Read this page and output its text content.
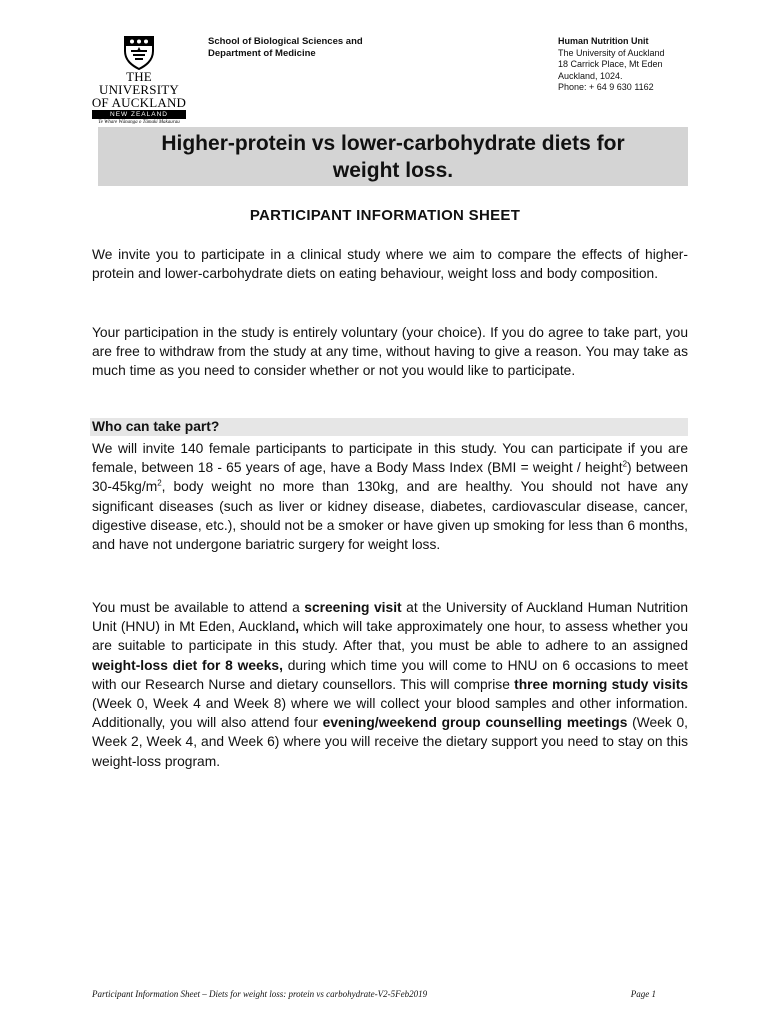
THE UNIVERSITY
OF AUCKLAND
NEW ZEALAND
Te Whare Wānanga o Tāmaki Makaurau
School of Biological Sciences and
Department of Medicine
Human Nutrition Unit
The University of Auckland
18 Carrick Place, Mt Eden
Auckland, 1024.
Phone: + 64 9 630 1162
Higher-protein vs lower-carbohydrate diets for
weight loss.
PARTICIPANT INFORMATION SHEET

We invite you to participate in a clinical study where we aim to compare the effects of higher-protein and lower-carbohydrate diets on eating behaviour, weight loss and body composition.

Your participation in the study is entirely voluntary (your choice). If you do agree to take part, you are free to withdraw from the study at any time, without having to give a reason. You may take as much time as you need to consider whether or not you would like to participate.

Who can take part?

We will invite 140 female participants to participate in this study. You can participate if you are female, between 18 - 65 years of age, have a Body Mass Index (BMI = weight / height$^2$) between $30-45kg/m^2$, body weight no more than 130kg, and are healthy. You should not have any significant diseases (such as liver or kidney disease, diabetes, cardiovascular disease, cancer, digestive disease, etc.), should not be a smoker or have given up smoking for less than 6 months, and have not undergone bariatric surgery for weight loss.

You must be available to attend a screening visit at the University of Auckland Human Nutrition Unit (HNU) in Mt Eden, Auckland, which will take approximately one hour, to assess whether you are suitable to participate in this study. After that, you must be able to adhere to an assigned weight-loss diet for 8 weeks, during which time you will come to HNU on 6 occasions to meet with our Research Nurse and dietary counsellors. This will comprise three morning study visits (Week 0, Week 4 and Week 8) where we will collect your blood samples and other information. Additionally, you will also attend four evening/weekend group counselling meetings (Week 0, Week 2, Week 4, and Week 6) where you will receive the dietary support you need to stay on this weight-loss program.

Participant Information Sheet – Diets for weight loss: protein vs carbohydrate-V2-5Feb2019	Page 1
